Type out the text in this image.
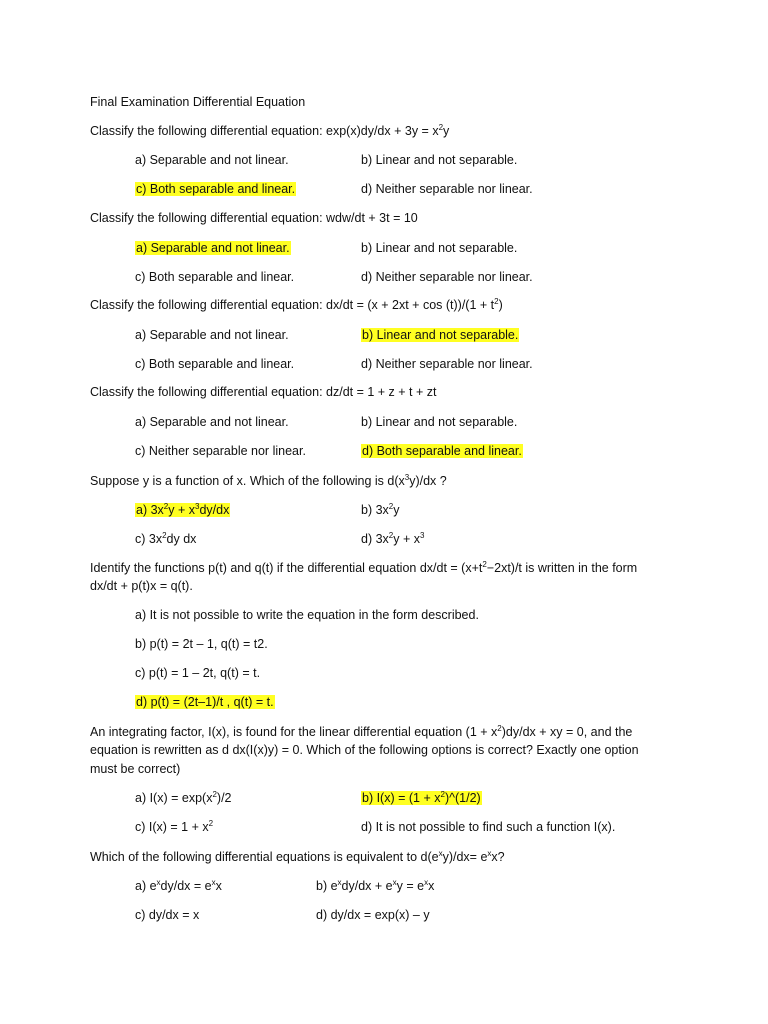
Final Examination Differential Equation
Classify the following differential equation: $\exp(x)dy/dx + 3y = x^2y$
a) Separable and not linear.	b) Linear and not separable.
c) Both separable and linear.	d) Neither separable nor linear.
Classify the following differential equation: wdw/dt + 3t = 10
a) Separable and not linear.	b) Linear and not separable.
c) Both separable and linear.	d) Neither separable nor linear.
Classify the following differential equation: $dx/dt = (x + 2xt + \cos (t))/(1 + t^2)$
a) Separable and not linear.	b) Linear and not separable.
c) Both separable and linear.	d) Neither separable nor linear.
Classify the following differential equation: dz/dt = 1 + z + t + zt
a) Separable and not linear.	b) Linear and not separable.
c) Neither separable nor linear.	d) Both separable and linear.
Suppose y is a function of x. Which of the following is $d(x^3y)/dx$ ?
a) $3x^2y + x^3dy/dx$	b) $3x^2y$
c) $3x^2dy$ dx	d) $3x^2y + x^3$
Identify the functions p(t) and q(t) if the differential equation $dx/dt = (x+t^2-2xt)/t$ is written in the form
dx/dt + p(t)x = q(t).
a) It is not possible to write the equation in the form described.
b) p(t) = 2t – 1, q(t) = t2.
c) p(t) = 1 – 2t, q(t) = t.
d) p(t) = (2t–1)/t , q(t) = t.
An integrating factor, I(x), is found for the linear differential equation $(1 + x^2)dy/dx$ + xy = 0, and the
equation is rewritten as d dx(I(x)y) = 0. Which of the following options is correct? Exactly one option
must be correct)
a) $I(x) = \exp(x^2)/2$	b) $I(x) = (1 + x^2)\^{}(1/2)$
c) $I(x) = 1 + x^2$	d) It is not possible to find such a function I(x).
Which of the following differential equations is equivalent to $d(e^xy)/dx= e^xx$?
a) $e^xdy/dx = e^xx$	b) $e^xdy/dx + e^xy = e^xx$
c) dy/dx = x	d) dy/dx = exp(x) – y
